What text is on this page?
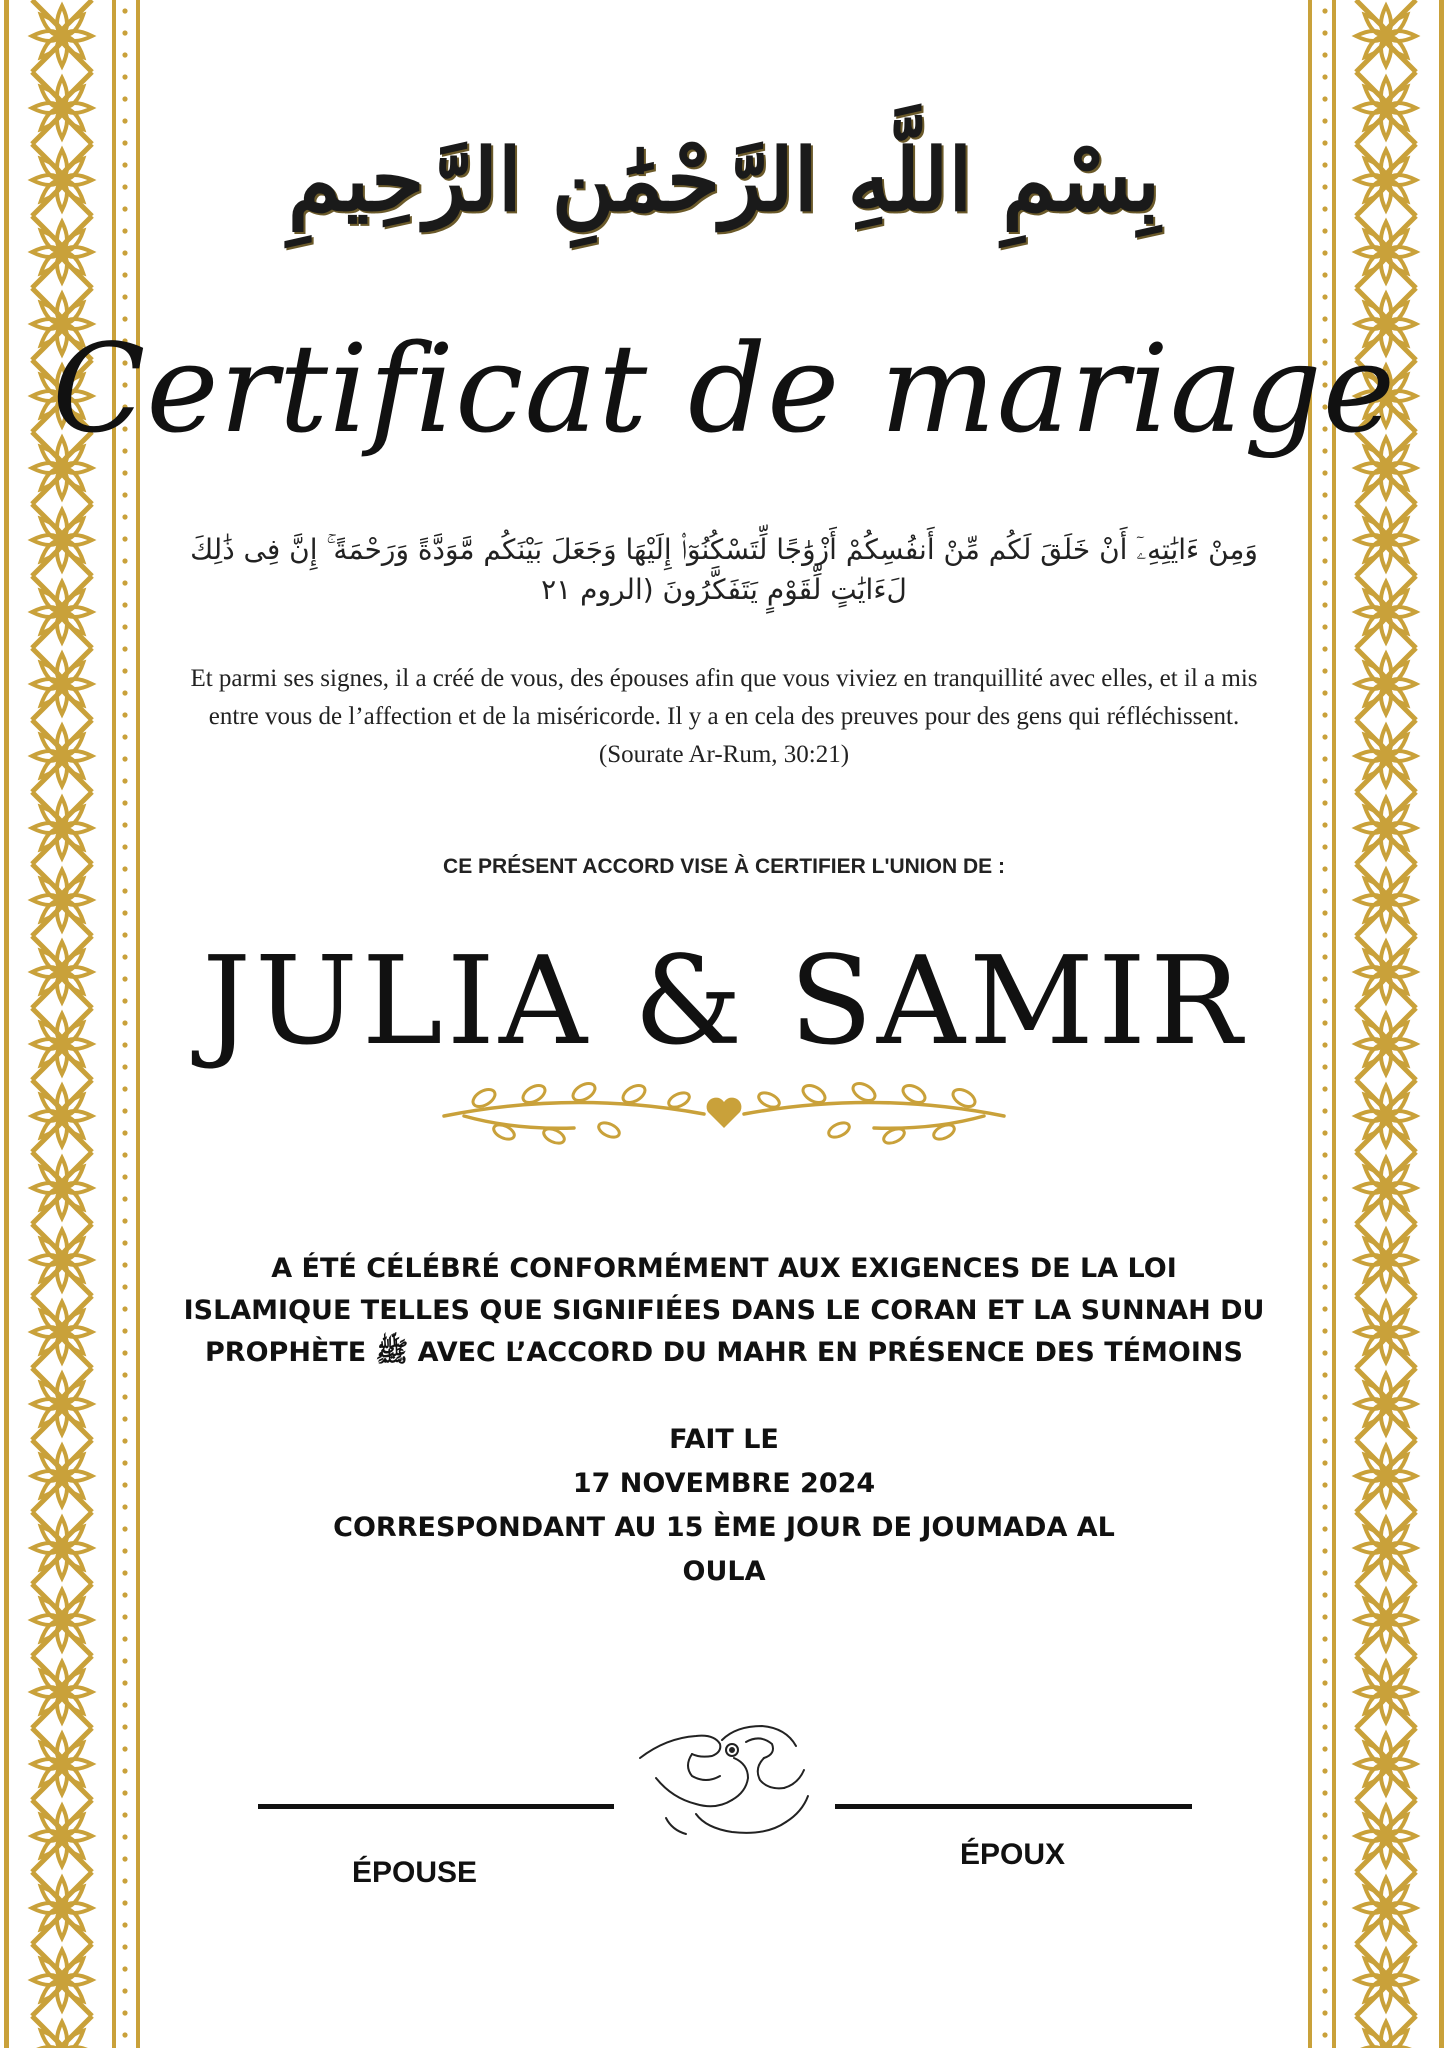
بِسْمِ اللَّهِ الرَّحْمَٰنِ الرَّحِيمِ
Certificat de mariage
وَمِنْ ءَايَٰتِهِۦٓ أَنْ خَلَقَ لَكُم مِّنْ أَنفُسِكُمْ أَزْوَٰجًا لِّتَسْكُنُوٓا۟ إِلَيْهَا وَجَعَلَ بَيْنَكُم مَّوَدَّةً وَرَحْمَةً ۚ إِنَّ فِى ذَٰلِكَ لَءَايَٰتٍ لِّقَوْمٍ يَتَفَكَّرُونَ (الروم ٢١
Et parmi ses signes, il a créé de vous, des épouses afin que vous viviez en tranquillité avec elles, et il a mis
entre vous de l’affection et de la miséricorde. Il y a en cela des preuves pour des gens qui réfléchissent.
(Sourate Ar-Rum, 30:21)
CE PRÉSENT ACCORD VISE À CERTIFIER L'UNION DE :
JULIA & SAMIR
A ÉTÉ CÉLÉBRÉ CONFORMÉMENT AUX EXIGENCES DE LA LOI
ISLAMIQUE TELLES QUE SIGNIFIÉES DANS LE CORAN ET LA SUNNAH DU
PROPHÈTE ﷺ AVEC L’ACCORD DU MAHR EN PRÉSENCE DES TÉMOINS
FAIT LE
17 NOVEMBRE 2024
CORRESPONDANT AU 15 ÈME JOUR DE JOUMADA AL
OULA
ÉPOUSE
ÉPOUX
